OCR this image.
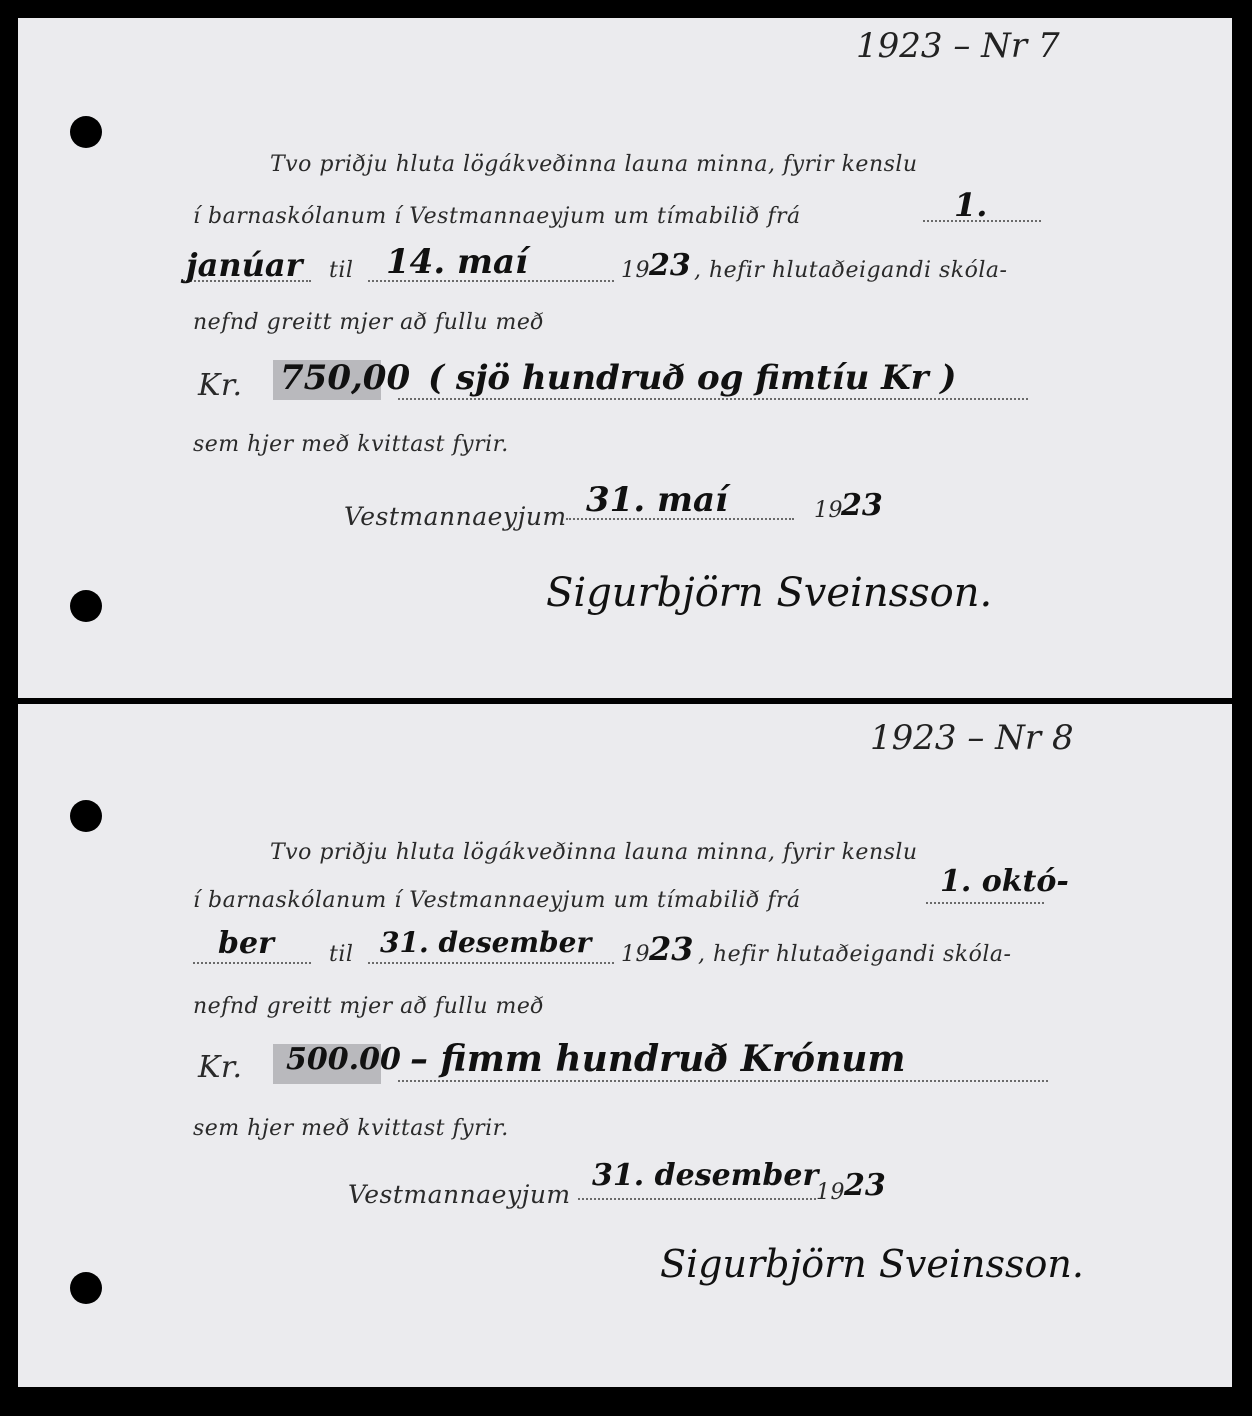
1923 – Nr 7
Tvo priðju hluta lögákveðinna launa minna, fyrir kenslu
í barnaskólanum í Vestmannaeyjum um tímabilið frá	1.
janúar til 14. maí	19 23 , hefir hlutaðeigandi skóla-
nefnd greitt mjer að fullu með
Kr. 750,00 ( sjö hundruð og fimtíu Kr )
sem hjer með kvittast fyrir.
Vestmannaeyjum 31. maí	19
23
Sigurbjörn Sveinsson.
1923 – Nr 8
Tvo priðju hluta lögákveðinna launa minna, fyrir kenslu
í barnaskólanum í Vestmannaeyjum um tímabilið frá
1. októ-
ber	til 31. desember 19 23 , hefir hlutaðeigandi skóla-
nefnd greitt mjer að fullu með
Kr. 500.00 – fimm hundruð Krónum
sem hjer með kvittast fyrir.
Vestmannaeyjum
31. desember
19 23
Sigurbjörn Sveinsson.
